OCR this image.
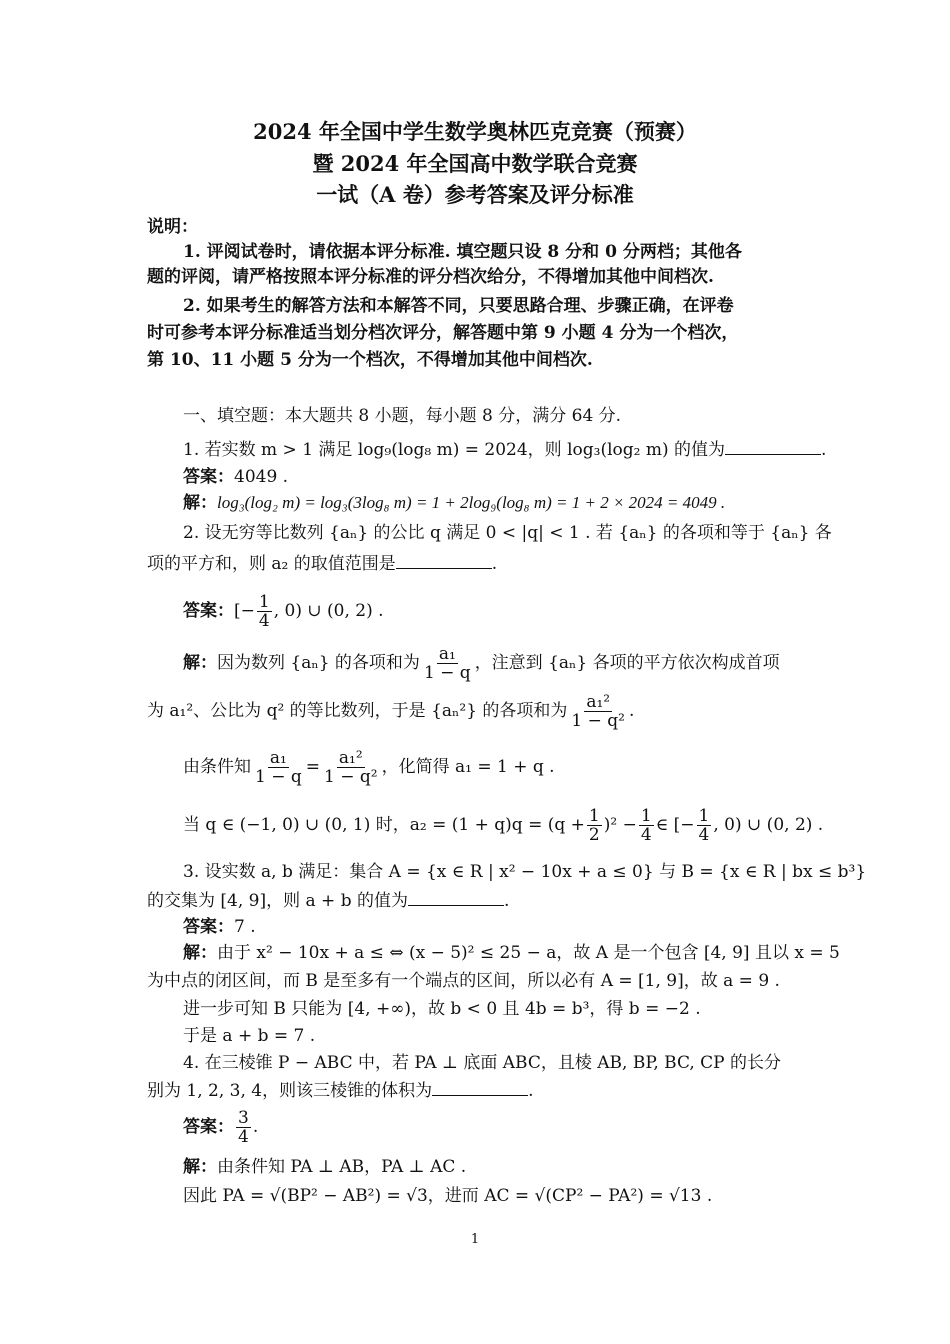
2024 年全国中学生数学奥林匹克竞赛（预赛）
暨 2024 年全国高中数学联合竞赛
一试（A 卷）参考答案及评分标准
说明：
1. 评阅试卷时，请依据本评分标准. 填空题只设 8 分和 0 分两档；其他各
题的评阅，请严格按照本评分标准的评分档次给分，不得增加其他中间档次.
2. 如果考生的解答方法和本解答不同，只要思路合理、步骤正确，在评卷
时可参考本评分标准适当划分档次评分，解答题中第 9 小题 4 分为一个档次，
第 10、11 小题 5 分为一个档次，不得增加其他中间档次.
一、填空题：本大题共 8 小题，每小题 8 分，满分 64 分.
1. 若实数 m > 1 满足 log₉(log₈ m) = 2024，则 log₃(log₂ m) 的值为	.
答案：4049 .
解：log₃(log₂ m) = log₃(3log₈ m) = 1 + 2log₉(log₈ m) = 1 + 2 × 2024 = 4049 .
2. 设无穷等比数列 {aₙ} 的公比 q 满足 0 < |q| < 1 . 若 {aₙ} 的各项和等于 {aₙ} 各
项的平方和，则 a₂ 的取值范围是	.
答案：[− $\frac{1}{4}$ , 0) ∪ (0, 2) .
解：因为数列 {aₙ} 的各项和为 $\frac{\text{a₁}}{1 - q}$ ，注意到 {aₙ} 各项的平方依次构成首项
为 a₁²、公比为 q² 的等比数列，于是 {aₙ²} 的各项和为 $\frac{\text{a₁²}}{\text{1 − q²}}$ .
由条件知 $\frac{\text{a₁}}{1 - q} = \frac{\text{a₁²}}{\text{1 − q²}}$ ，化简得 a₁ = 1 + q .
当 q ∈ (−1, 0) ∪ (0, 1) 时，$a_2 = (1 + q)q = (q + \frac{1}{2} )^2 - \frac{1}{4}$ ∈ [− $\frac{1}{4}$ , 0) ∪ (0, 2) .
3. 设实数 a, b 满足：集合 A = {x ∈ R | x² − 10x + a ≤ 0} 与 B = {x ∈ R | bx ≤ b³}
的交集为 [4, 9]，则 a + b 的值为	.
答案：7 .
解：由于 x² − 10x + a ≤ ⇔ (x − 5)² ≤ 25 − a，故 A 是一个包含 [4, 9] 且以 x = 5
为中点的闭区间，而 B 是至多有一个端点的区间，所以必有 A = [1, 9]，故 a = 9 .
进一步可知 B 只能为 [4, +∞)，故 b < 0 且 4b = b³，得 b = −2 .
于是 a + b = 7 .
4. 在三棱锥 P − ABC 中，若 PA ⊥ 底面 ABC，且棱 AB, BP, BC, CP 的长分
别为 1, 2, 3, 4，则该三棱锥的体积为	.
答案： $\frac{3}{4}$ .
解：由条件知 PA ⊥ AB，PA ⊥ AC .
因此 PA = √(BP² − AB²) = √3，进而 AC = √(CP² − PA²) = √13 .
1
